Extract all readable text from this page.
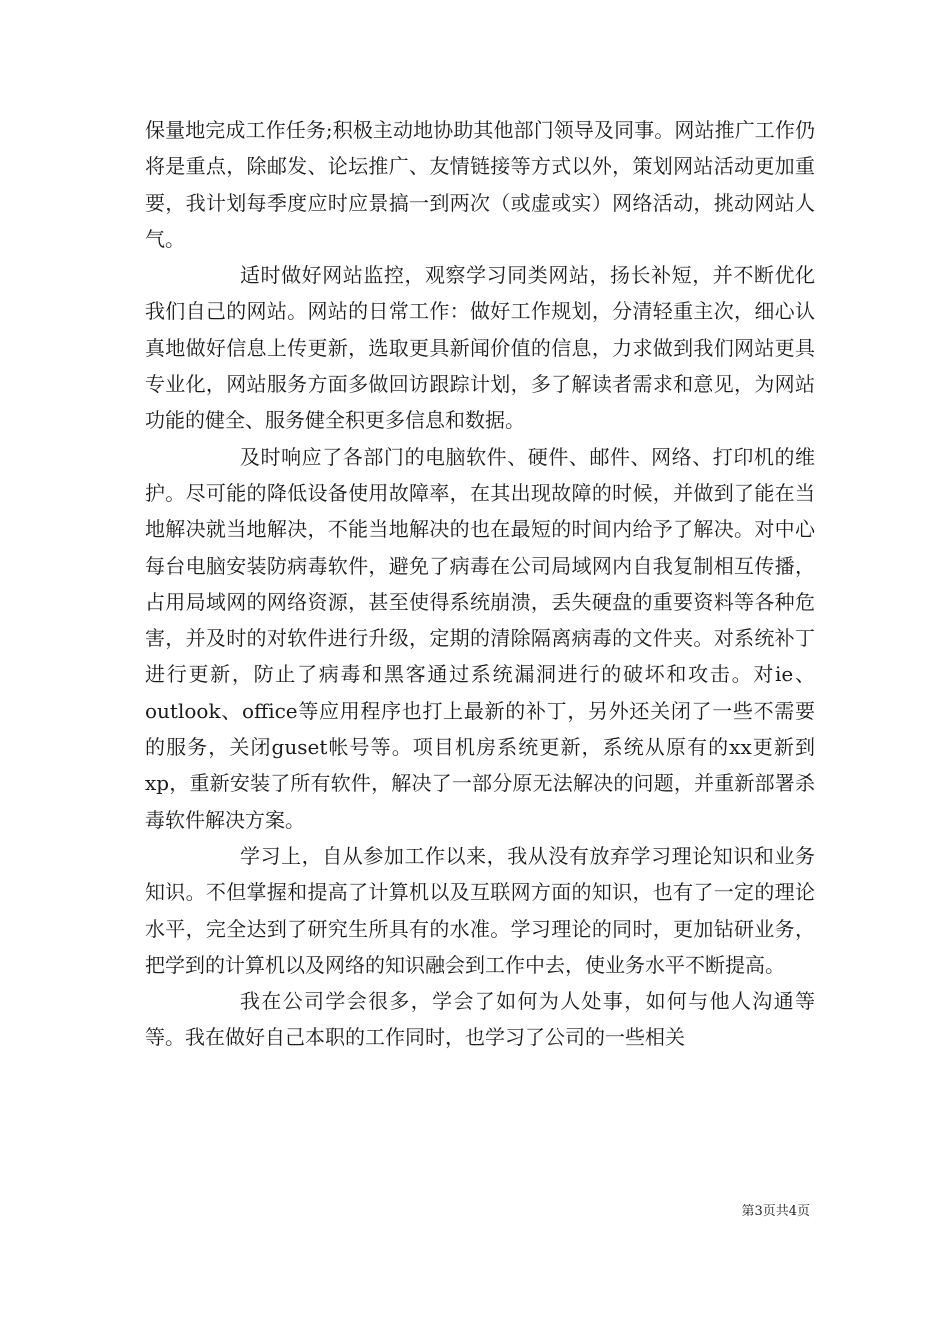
保量地完成工作任务;积极主动地协助其他部门领导及同事。网站推广工作仍将是重点，除邮发、论坛推广、友情链接等方式以外，策划网站活动更加重要，我计划每季度应时应景搞一到两次（或虚或实）网络活动，挑动网站人气。

适时做好网站监控，观察学习同类网站，扬长补短，并不断优化我们自己的网站。网站的日常工作：做好工作规划，分清轻重主次，细心认真地做好信息上传更新，选取更具新闻价值的信息，力求做到我们网站更具专业化，网站服务方面多做回访跟踪计划，多了解读者需求和意见，为网站功能的健全、服务健全积更多信息和数据。

及时响应了各部门的电脑软件、硬件、邮件、网络、打印机的维护。尽可能的降低设备使用故障率，在其出现故障的时候，并做到了能在当地解决就当地解决，不能当地解决的也在最短的时间内给予了解决。对中心每台电脑安装防病毒软件，避免了病毒在公司局域网内自我复制相互传播，占用局域网的网络资源，甚至使得系统崩溃，丢失硬盘的重要资料等各种危害，并及时的对软件进行升级，定期的清除隔离病毒的文件夹。对系统补丁进行更新，防止了病毒和黑客通过系统漏洞进行的破坏和攻击。对ie、outlook、office等应用程序也打上最新的补丁，另外还关闭了一些不需要的服务，关闭guset帐号等。项目机房系统更新，系统从原有的xx更新到xp，重新安装了所有软件，解决了一部分原无法解决的问题，并重新部署杀毒软件解决方案。

学习上，自从参加工作以来，我从没有放弃学习理论知识和业务知识。不但掌握和提高了计算机以及互联网方面的知识，也有了一定的理论水平，完全达到了研究生所具有的水准。学习理论的同时，更加钻研业务，把学到的计算机以及网络的知识融会到工作中去，使业务水平不断提高。

我在公司学会很多，学会了如何为人处事，如何与他人沟通等等。我在做好自己本职的工作同时，也学习了公司的一些相关

第3页共4页
